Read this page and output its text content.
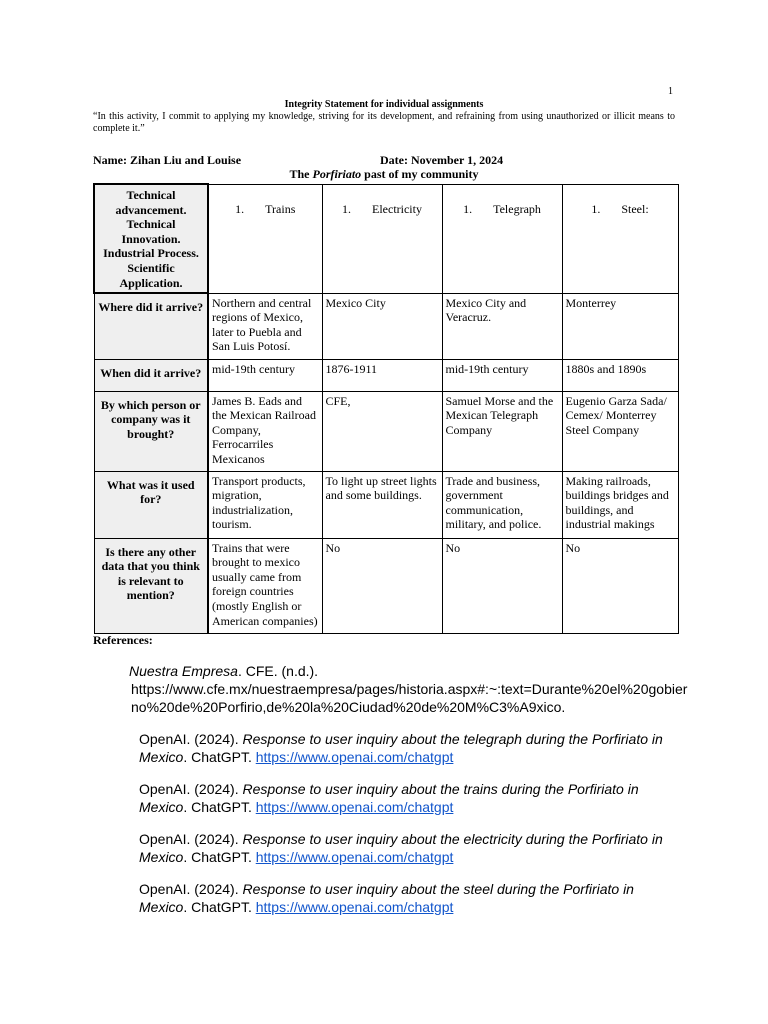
1
Integrity Statement for individual assignments
“In this activity, I commit to applying my knowledge, striving for its development, and refraining from using unauthorized or illicit means to complete it.”
Name: Zihan Liu and Louise	Date: November 1, 2024
The Porfiriato past of my community
Technical advancement. Technical Innovation. Industrial Process. Scientific Application.	1. Trains	1. Electricity	1. Telegraph	1. Steel:
Where did it arrive?	Northern and central regions of Mexico, later to Puebla and San Luis Potosí.	Mexico City	Mexico City and Veracruz.	Monterrey
When did it arrive?	mid-19th century	1876-1911	mid-19th century	1880s and 1890s
By which person or company was it brought?	James B. Eads and the Mexican Railroad Company, Ferrocarriles Mexicanos	CFE,	Samuel Morse and the Mexican Telegraph Company	Eugenio Garza Sada/ Cemex/ Monterrey Steel Company
What was it used for?	Transport products, migration, industrialization, tourism.	To light up street lights and some buildings.	Trade and business, government communication, military, and police.	Making railroads, buildings bridges and buildings, and industrial makings
Is there any other data that you think is relevant to mention?	Trains that were brought to mexico usually came from foreign countries (mostly English or American companies)	No	No	No
References:
Nuestra Empresa. CFE. (n.d.).
https://www.cfe.mx/nuestraempresa/pages/historia.aspx#:~:text=Durante%20el%20gobierno%20de%20Porfirio,de%20la%20Ciudad%20de%20M%C3%A9xico.
OpenAI. (2024). Response to user inquiry about the telegraph during the Porfiriato in Mexico. ChatGPT. https://www.openai.com/chatgpt
OpenAI. (2024). Response to user inquiry about the trains during the Porfiriato in Mexico. ChatGPT. https://www.openai.com/chatgpt
OpenAI. (2024). Response to user inquiry about the electricity during the Porfiriato in Mexico. ChatGPT. https://www.openai.com/chatgpt
OpenAI. (2024). Response to user inquiry about the steel during the Porfiriato in Mexico. ChatGPT. https://www.openai.com/chatgpt
